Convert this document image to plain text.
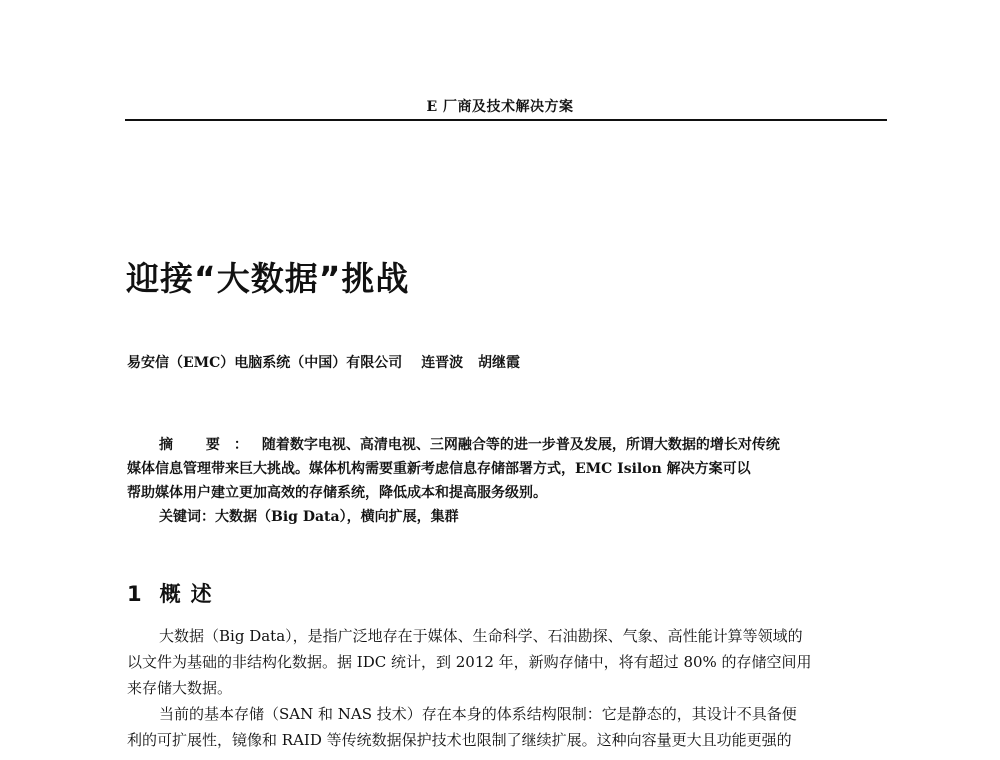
E 厂商及技术解决方案
迎接“大数据”挑战
易安信（EMC）电脑系统（中国）有限公司 连晋波 胡继霞
摘 要：随着数字电视、高清电视、三网融合等的进一步普及发展，所谓大数据的增长对传统
媒体信息管理带来巨大挑战。媒体机构需要重新考虑信息存储部署方式，EMC Isilon 解决方案可以
帮助媒体用户建立更加高效的存储系统，降低成本和提高服务级别。
关键词：大数据（Big Data），横向扩展，集群
1 概述
大数据（Big Data），是指广泛地存在于媒体、生命科学、石油勘探、气象、高性能计算等领域的
以文件为基础的非结构化数据。据 IDC 统计，到 2012 年，新购存储中，将有超过 80% 的存储空间用
来存储大数据。
当前的基本存储（SAN 和 NAS 技术）存在本身的体系结构限制：它是静态的，其设计不具备便
利的可扩展性，镜像和 RAID 等传统数据保护技术也限制了继续扩展。这种向容量更大且功能更强的
